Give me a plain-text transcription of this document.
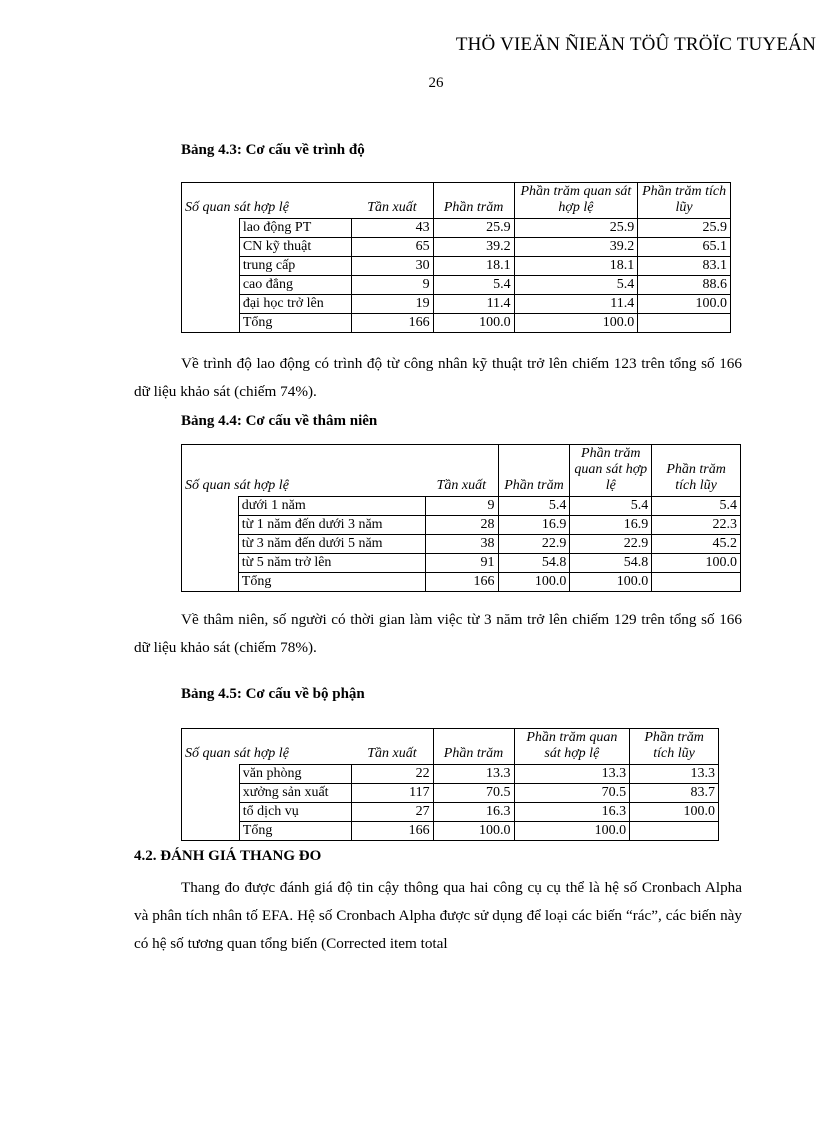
THÖ VIEÄN ÑIEÄN TÖÛ TRÖÏC TUYEÁN
26
Bảng 4.3: Cơ cấu về trình độ
Số quan sát hợp lệ		Tần xuất	Phần trăm	Phần trăm quan sát hợp lệ	Phần trăm tích lũy
	lao động PT	43	25.9	25.9	25.9
	CN kỹ thuật	65	39.2	39.2	65.1
	trung cấp	30	18.1	18.1	83.1
	cao đẳng	9	5.4	5.4	88.6
	đại học trở lên	19	11.4	11.4	100.0
	Tổng	166	100.0	100.0	

Về trình độ lao động có trình độ từ công nhân kỹ thuật trở lên chiếm 123 trên tổng số 166 dữ liệu khảo sát (chiếm 74%).

Bảng 4.4: Cơ cấu về thâm niên
Số quan sát hợp lệ		Tần xuất	Phần trăm	Phần trăm quan sát hợp lệ	Phần trăm tích lũy
	dưới 1 năm	9	5.4	5.4	5.4
	từ 1 năm đến dưới 3 năm	28	16.9	16.9	22.3
	từ 3 năm đến dưới 5 năm	38	22.9	22.9	45.2
	từ 5 năm trở lên	91	54.8	54.8	100.0
	Tổng	166	100.0	100.0	

Về thâm niên, số người có thời gian làm việc từ 3 năm trở lên chiếm 129 trên tổng số 166 dữ liệu khảo sát (chiếm 78%).

Bảng 4.5: Cơ cấu về bộ phận
Số quan sát hợp lệ		Tần xuất	Phần trăm	Phần trăm quan sát hợp lệ	Phần trăm tích lũy
	văn phòng	22	13.3	13.3	13.3
	xưởng sản xuất	117	70.5	70.5	83.7
	tổ dịch vụ	27	16.3	16.3	100.0
	Tổng	166	100.0	100.0	
4.2. ĐÁNH GIÁ THANG ĐO

Thang đo được đánh giá độ tin cậy thông qua hai công cụ cụ thể là hệ số Cronbach Alpha và phân tích nhân tố EFA. Hệ số Cronbach Alpha được sử dụng để loại các biến “rác”, các biến này có hệ số tương quan tổng biến (Corrected item total
